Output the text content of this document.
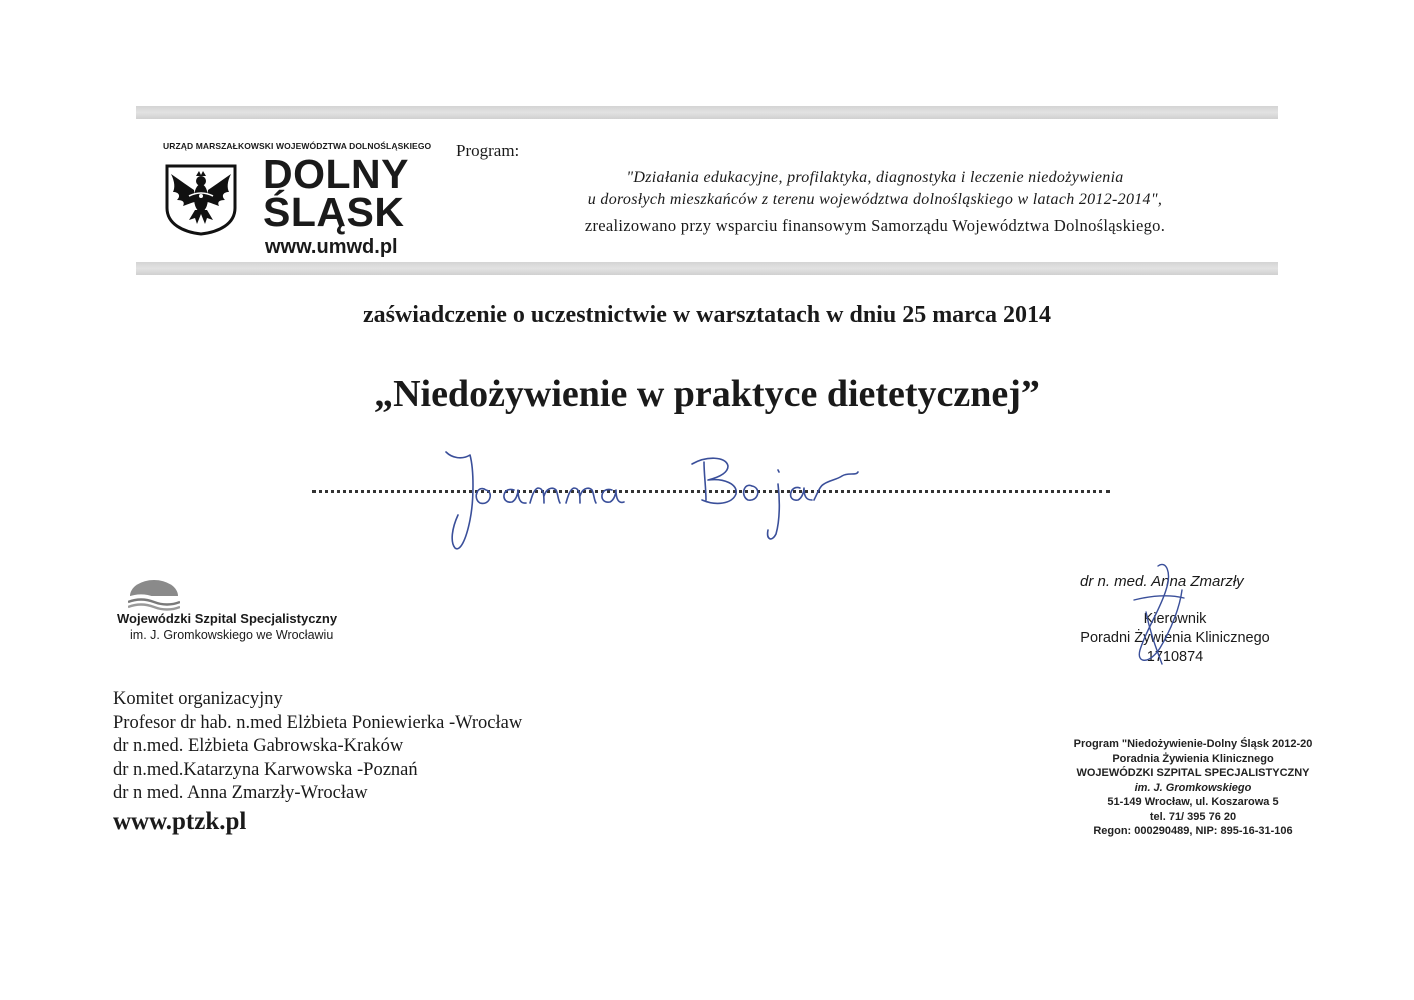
URZĄD MARSZAŁKOWSKI WOJEWÓDZTWA DOLNOŚLĄSKIEGO
DOLNY
ŚLĄSK
www.umwd.pl
Program:
"Działania edukacyjne, profilaktyka, diagnostyka i leczenie niedożywienia
u dorosłych mieszkańców z terenu województwa dolnośląskiego w latach 2012-2014",
zrealizowano przy wsparciu finansowym Samorządu Województwa Dolnośląskiego.
zaświadczenie o uczestnictwie w warsztatach w dniu 25 marca 2014
„Niedożywienie w praktyce dietetycznej”
Wojewódzki Szpital Specjalistyczny
im. J. Gromkowskiego we Wrocławiu
dr n. med. Anna Zmarzły
Kierownik
Poradni Żywienia Klinicznego
1710874
Komitet organizacyjny
Profesor dr hab. n.med Elżbieta Poniewierka -Wrocław
dr n.med. Elżbieta Gabrowska-Kraków
dr n.med.Katarzyna Karwowska -Poznań
dr n med. Anna Zmarzły-Wrocław
www.ptzk.pl
Program "Niedożywienie-Dolny Śląsk 2012-20
Poradnia Żywienia Klinicznego
WOJEWÓDZKI SZPITAL SPECJALISTYCZNY
im. J. Gromkowskiego
51-149 Wrocław, ul. Koszarowa 5
tel. 71/ 395 76 20
Regon: 000290489, NIP: 895-16-31-106
